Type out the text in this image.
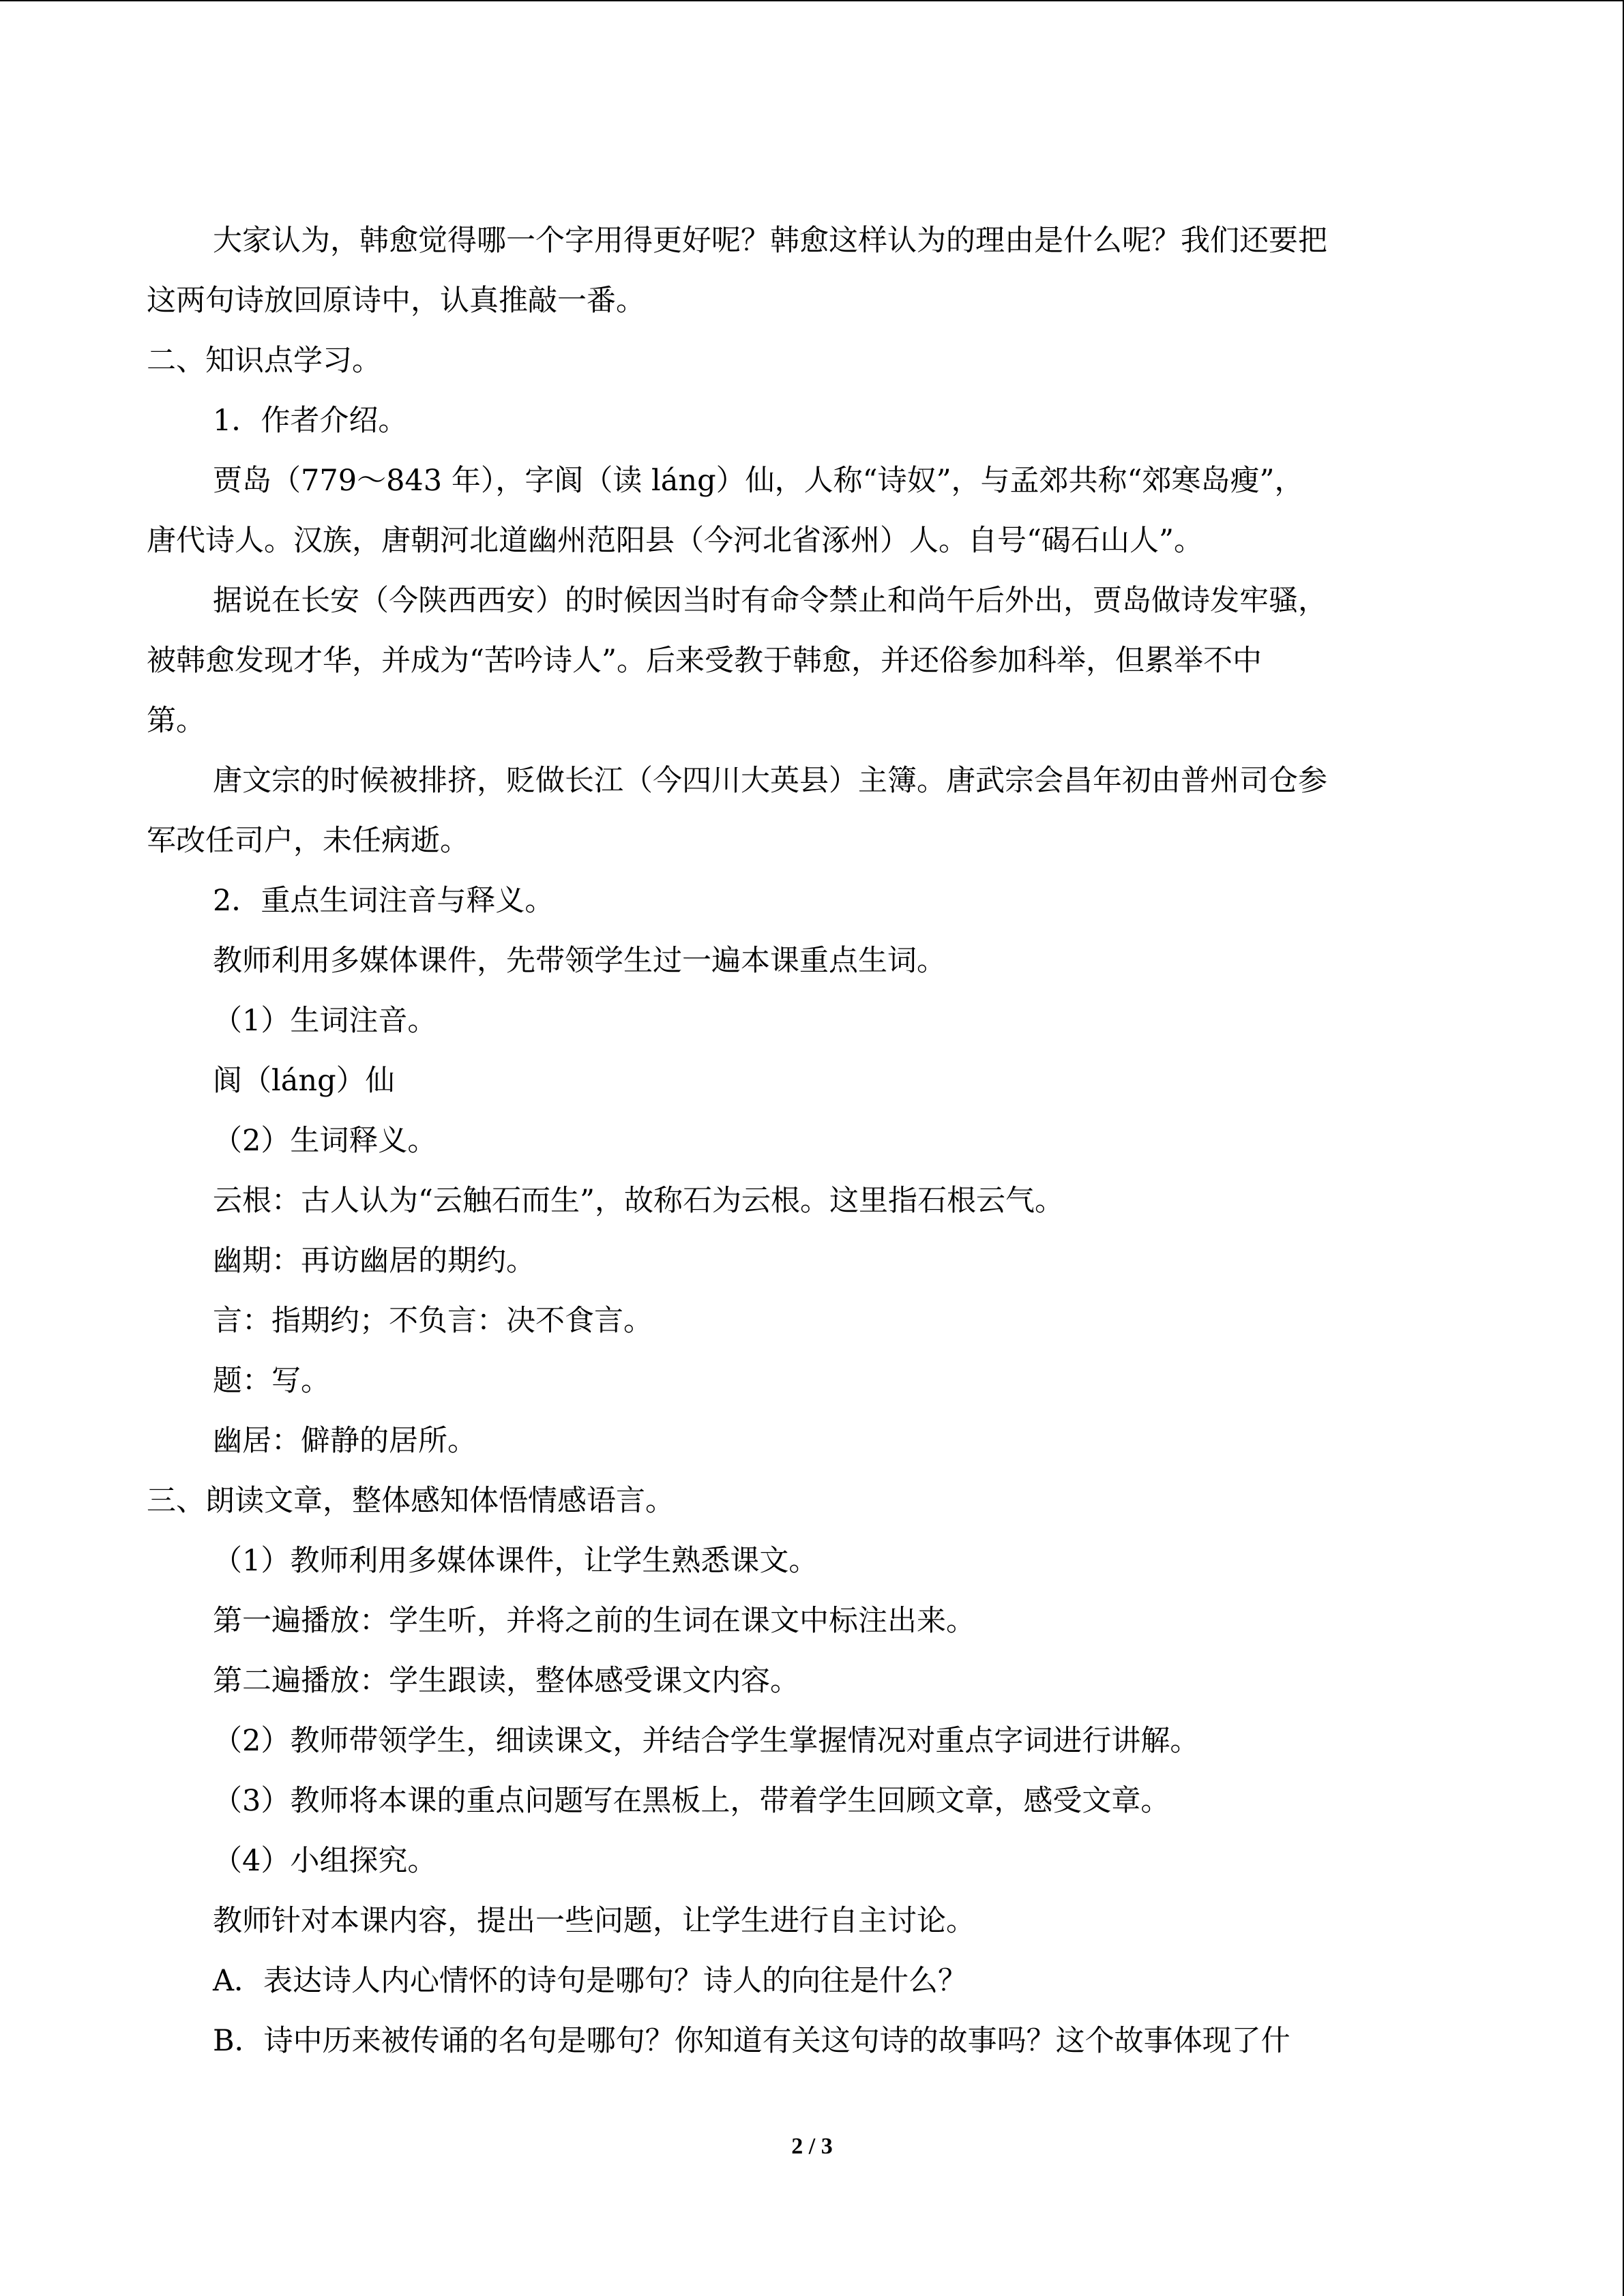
大家认为，韩愈觉得哪一个字用得更好呢？韩愈这样认为的理由是什么呢？我们还要把
这两句诗放回原诗中，认真推敲一番。
二、知识点学习。
1．作者介绍。
贾岛（779～843 年），字阆（读 láng）仙，人称“诗奴”，与孟郊共称“郊寒岛瘦”，
唐代诗人。汉族，唐朝河北道幽州范阳县（今河北省涿州）人。自号“碣石山人”。
据说在长安（今陕西西安）的时候因当时有命令禁止和尚午后外出，贾岛做诗发牢骚，
被韩愈发现才华，并成为“苦吟诗人”。后来受教于韩愈，并还俗参加科举，但累举不中
第。
唐文宗的时候被排挤，贬做长江（今四川大英县）主簿。唐武宗会昌年初由普州司仓参
军改任司户，未任病逝。
2．重点生词注音与释义。
教师利用多媒体课件，先带领学生过一遍本课重点生词。
（1）生词注音。
阆（láng）仙
（2）生词释义。
云根：古人认为“云触石而生”，故称石为云根。这里指石根云气。
幽期：再访幽居的期约。
言：指期约；不负言：决不食言。
题：写。
幽居：僻静的居所。
三、朗读文章，整体感知体悟情感语言。
（1）教师利用多媒体课件，让学生熟悉课文。
第一遍播放：学生听，并将之前的生词在课文中标注出来。
第二遍播放：学生跟读，整体感受课文内容。
（2）教师带领学生，细读课文，并结合学生掌握情况对重点字词进行讲解。
（3）教师将本课的重点问题写在黑板上，带着学生回顾文章，感受文章。
（4）小组探究。
教师针对本课内容，提出一些问题，让学生进行自主讨论。
A．表达诗人内心情怀的诗句是哪句？诗人的向往是什么？
B．诗中历来被传诵的名句是哪句？你知道有关这句诗的故事吗？这个故事体现了什
2 / 3
